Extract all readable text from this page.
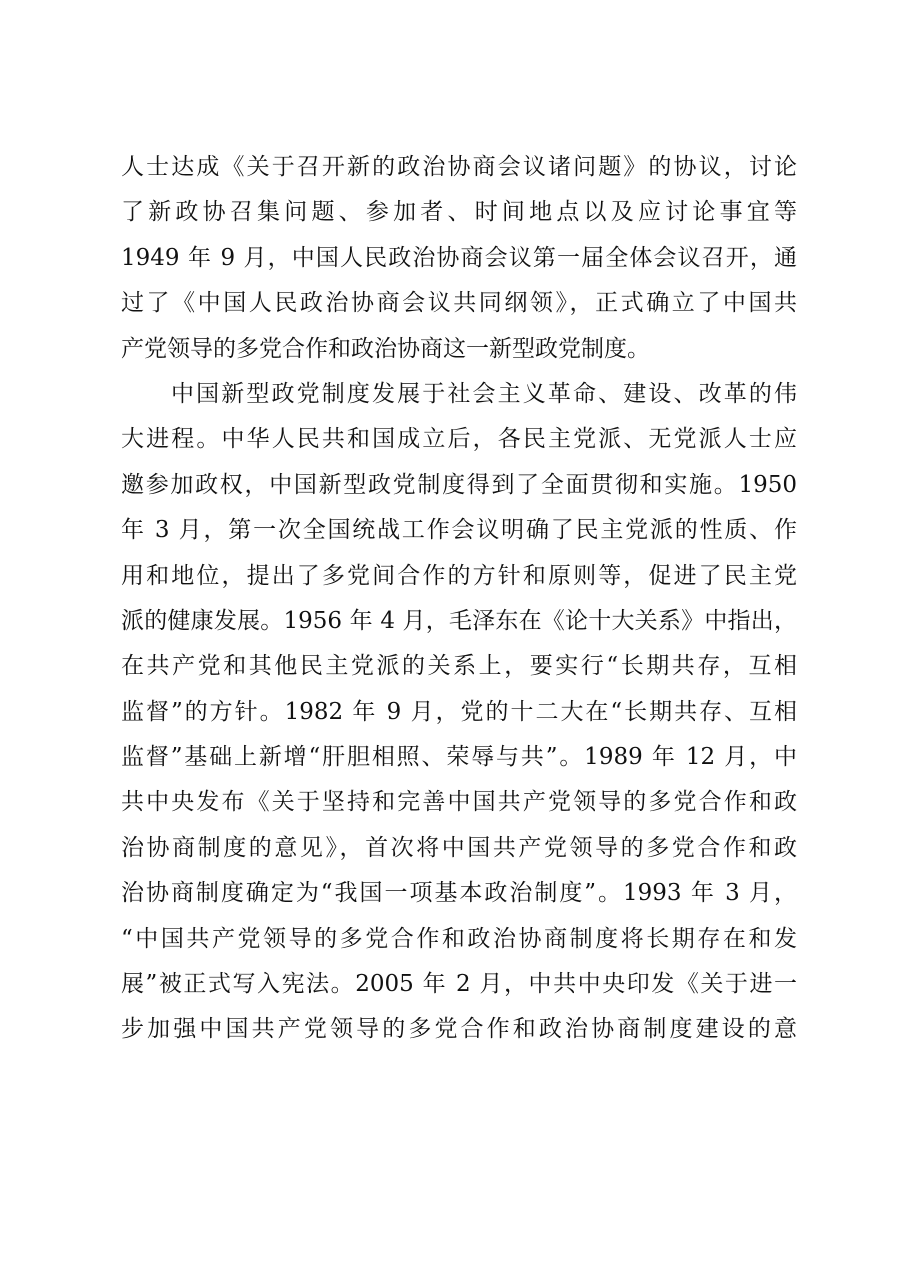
人士达成《关于召开新的政治协商会议诸问题》的协议，讨论
了新政协召集问题、参加者、时间地点以及应讨论事宜等
1949 年 9 月，中国人民政治协商会议第一届全体会议召开，通
过了《中国人民政治协商会议共同纲领》，正式确立了中国共
产党领导的多党合作和政治协商这一新型政党制度。
中国新型政党制度发展于社会主义革命、建设、改革的伟
大进程。中华人民共和国成立后，各民主党派、无党派人士应
邀参加政权，中国新型政党制度得到了全面贯彻和实施。1950
年 3 月，第一次全国统战工作会议明确了民主党派的性质、作
用和地位，提出了多党间合作的方针和原则等，促进了民主党
派的健康发展。1956 年 4 月，毛泽东在《论十大关系》中指出，
在共产党和其他民主党派的关系上，要实行“长期共存，互相
监督”的方针。1982 年 9 月，党的十二大在“长期共存、互相
监督”基础上新增“肝胆相照、荣辱与共”。1989 年 12 月，中
共中央发布《关于坚持和完善中国共产党领导的多党合作和政
治协商制度的意见》，首次将中国共产党领导的多党合作和政
治协商制度确定为“我国一项基本政治制度”。1993 年 3 月，
“中国共产党领导的多党合作和政治协商制度将长期存在和发
展”被正式写入宪法。2005 年 2 月，中共中央印发《关于进一
步加强中国共产党领导的多党合作和政治协商制度建设的意
